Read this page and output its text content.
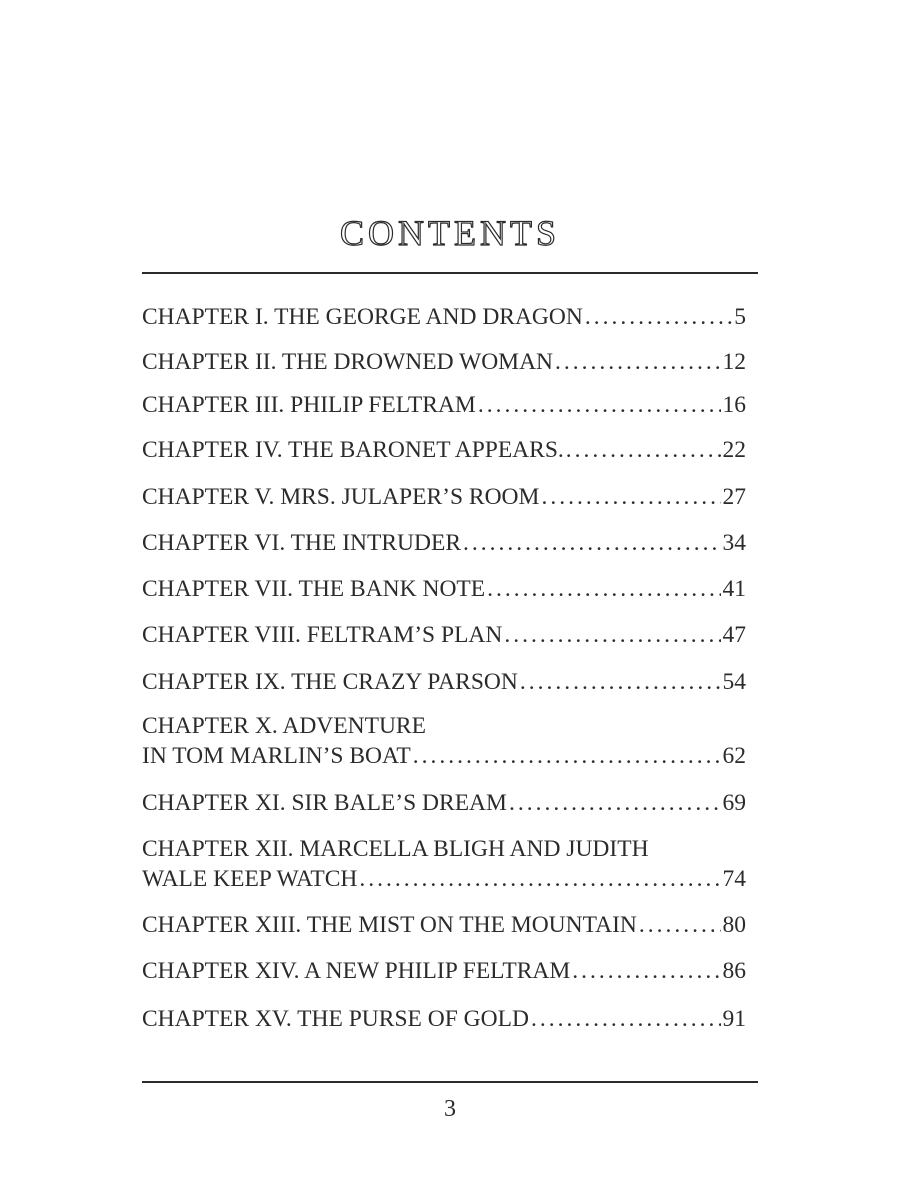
CONTENTS
CHAPTER I. THE GEORGE AND DRAGON .....	5
CHAPTER II. THE DROWNED WOMAN .....	12
CHAPTER III. PHILIP FELTRAM .....	16
CHAPTER IV. THE BARONET APPEARS. .....	22
CHAPTER V. MRS. JULAPER’S ROOM .....	27
CHAPTER VI. THE INTRUDER .....	34
CHAPTER VII. THE BANK NOTE .....	41
CHAPTER VIII. FELTRAM’S PLAN .....	47
CHAPTER IX. THE CRAZY PARSON .....	54
CHAPTER X. ADVENTURE
IN TOM MARLIN’S BOAT .....	62
CHAPTER XI. SIR BALE’S DREAM .....	69
CHAPTER XII. MARCELLA BLIGH AND JUDITH
WALE KEEP WATCH .....	74
CHAPTER XIII. THE MIST ON THE MOUNTAIN .....	80
CHAPTER XIV. A NEW PHILIP FELTRAM .....	86
CHAPTER XV. THE PURSE OF GOLD .....	91
3
